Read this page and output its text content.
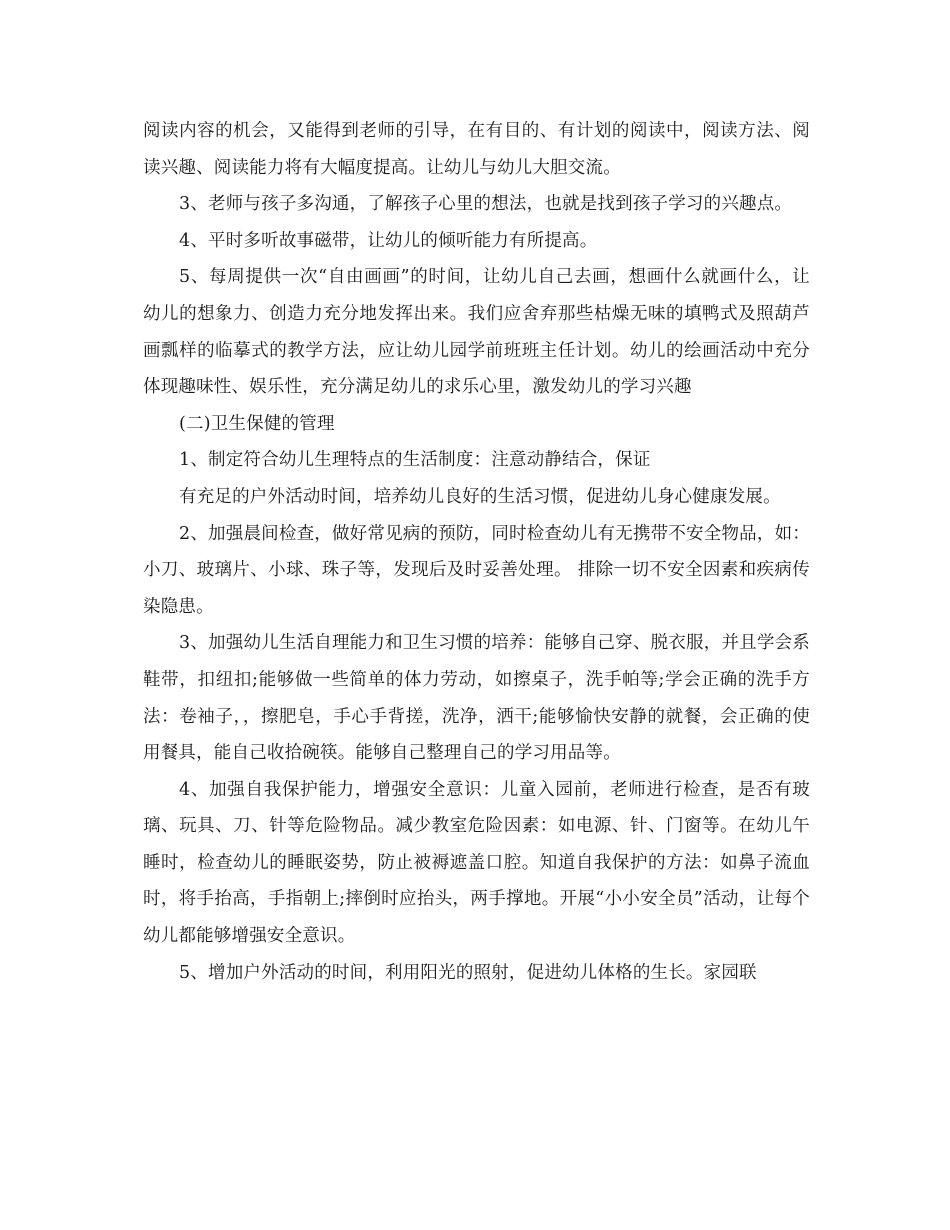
阅读内容的机会，又能得到老师的引导，在有目的、有计划的阅读中，阅读方法、阅读兴趣、阅读能力将有大幅度提高。让幼儿与幼儿大胆交流。

3、老师与孩子多沟通，了解孩子心里的想法，也就是找到孩子学习的兴趣点。

4、平时多听故事磁带，让幼儿的倾听能力有所提高。

5、每周提供一次“自由画画”的时间，让幼儿自己去画，想画什么就画什么，让幼儿的想象力、创造力充分地发挥出来。我们应舍弃那些枯燥无味的填鸭式及照葫芦画瓢样的临摹式的教学方法，应让幼儿园学前班班主任计划。幼儿的绘画活动中充分体现趣味性、娱乐性，充分满足幼儿的求乐心里，激发幼儿的学习兴趣

(二)卫生保健的管理

1、制定符合幼儿生理特点的生活制度：注意动静结合，保证

有充足的户外活动时间，培养幼儿良好的生活习惯，促进幼儿身心健康发展。

2、加强晨间检查，做好常见病的预防，同时检查幼儿有无携带不安全物品，如：小刀、玻璃片、小球、珠子等，发现后及时妥善处理。 排除一切不安全因素和疾病传染隐患。

3、加强幼儿生活自理能力和卫生习惯的培养：能够自己穿、脱衣服，并且学会系鞋带，扣纽扣;能够做一些简单的体力劳动，如擦桌子，洗手帕等;学会正确的洗手方法：卷袖子，，擦肥皂，手心手背搓，洗净，洒干;能够愉快安静的就餐，会正确的使用餐具，能自己收拾碗筷。能够自己整理自己的学习用品等。

4、加强自我保护能力，增强安全意识：儿童入园前，老师进行检查，是否有玻璃、玩具、刀、针等危险物品。减少教室危险因素：如电源、针、门窗等。在幼儿午睡时，检查幼儿的睡眠姿势，防止被褥遮盖口腔。知道自我保护的方法：如鼻子流血时，将手抬高，手指朝上;摔倒时应抬头，两手撑地。开展“小小安全员”活动，让每个幼儿都能够增强安全意识。

5、增加户外活动的时间，利用阳光的照射，促进幼儿体格的生长。家园联
